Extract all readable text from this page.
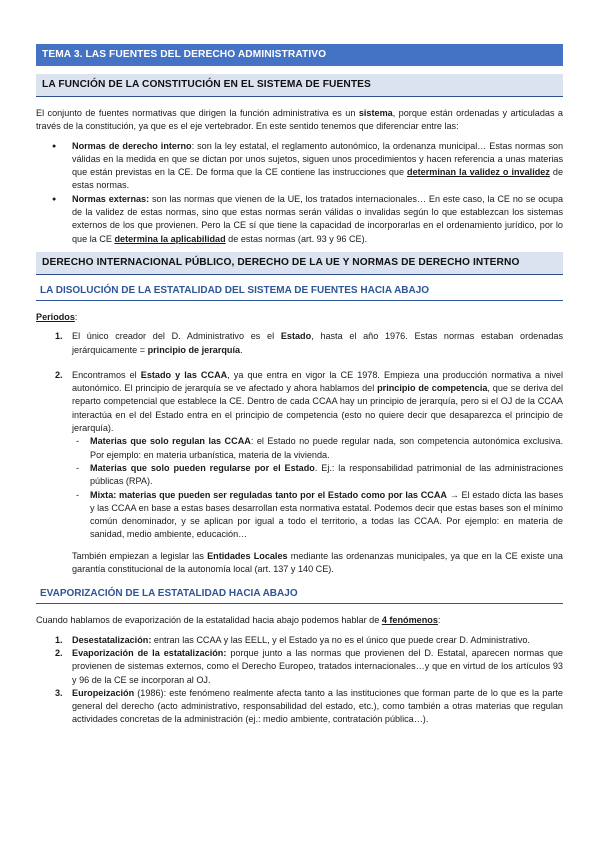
TEMA 3. LAS FUENTES DEL DERECHO ADMINISTRATIVO
LA FUNCIÓN DE LA CONSTITUCIÓN EN EL SISTEMA DE FUENTES

El conjunto de fuentes normativas que dirigen la función administrativa es un sistema, porque están ordenadas y articuladas a través de la constitución, ya que es el eje vertebrador. En este sentido tenemos que diferenciar entre las:

● Normas de derecho interno: son la ley estatal, el reglamento autonómico, la ordenanza municipal… Estas normas son válidas en la medida en que se dictan por unos sujetos, siguen unos procedimientos y hacen referencia a unas materias que están previstas en la CE. De forma que la CE contiene las instrucciones que determinan la validez o invalidez de estas normas.
● Normas externas: son las normas que vienen de la UE, los tratados internacionales… En este caso, la CE no se ocupa de la validez de estas normas, sino que estas normas serán válidas o invalidas según lo que establezcan los sistemas externos de los que provienen. Pero la CE sí que tiene la capacidad de incorporarlas en el ordenamiento jurídico, por lo que la CE determina la aplicabilidad de estas normas (art. 93 y 96 CE).
DERECHO INTERNACIONAL PÚBLICO, DERECHO DE LA UE Y NORMAS DE DERECHO INTERNO
LA DISOLUCIÓN DE LA ESTATALIDAD DEL SISTEMA DE FUENTES HACIA ABAJO

Periodos:

1. El único creador del D. Administrativo es el Estado, hasta el año 1976. Estas normas estaban ordenadas jerárquicamente = principio de jerarquía.
2. Encontramos el Estado y las CCAA, ya que entra en vigor la CE 1978. Empieza una producción normativa a nivel autonómico. El principio de jerarquía se ve afectado y ahora hablamos del principio de competencia, que se deriva del reparto competencial que establece la CE. Dentro de cada CCAA hay un principio de jerarquía, pero si el OJ de la CCAA interactúa en el del Estado entra en el principio de competencia (esto no quiere decir que desaparezca el principio de jerarquía).
- Materias que solo regulan las CCAA: el Estado no puede regular nada, son competencia autonómica exclusiva. Por ejemplo: en materia urbanística, materia de la vivienda.
- Materias que solo pueden regularse por el Estado. Ej.: la responsabilidad patrimonial de las administraciones públicas (RPA).
- Mixta: materias que pueden ser reguladas tanto por el Estado como por las CCAA → El estado dicta las bases y las CCAA en base a estas bases desarrollan esta normativa estatal. Podemos decir que estas bases son el mínimo común denominador, y se aplican por igual a todo el territorio, a todas las CCAA. Por ejemplo: en materia de sanidad, medio ambiente, educación…

También empiezan a legislar las Entidades Locales mediante las ordenanzas municipales, ya que en la CE existe una garantía constitucional de la autonomía local (art. 137 y 140 CE).

EVAPORIZACIÓN DE LA ESTATALIDAD HACIA ABAJO

Cuando hablamos de evaporización de la estatalidad hacia abajo podemos hablar de 4 fenómenos:

1. Desestatalización: entran las CCAA y las EELL, y el Estado ya no es el único que puede crear D. Administrativo.
2. Evaporización de la estatalización: porque junto a las normas que provienen del D. Estatal, aparecen normas que provienen de sistemas externos, como el Derecho Europeo, tratados internacionales…y que en virtud de los artículos 93 y 96 de la CE se incorporan al OJ.
3. Europeización (1986): este fenómeno realmente afecta tanto a las instituciones que forman parte de lo que es la parte general del derecho (acto administrativo, responsabilidad del estado, etc.), como también a otras materias que regulan actividades concretas de la administración (ej.: medio ambiente, contratación pública…).
